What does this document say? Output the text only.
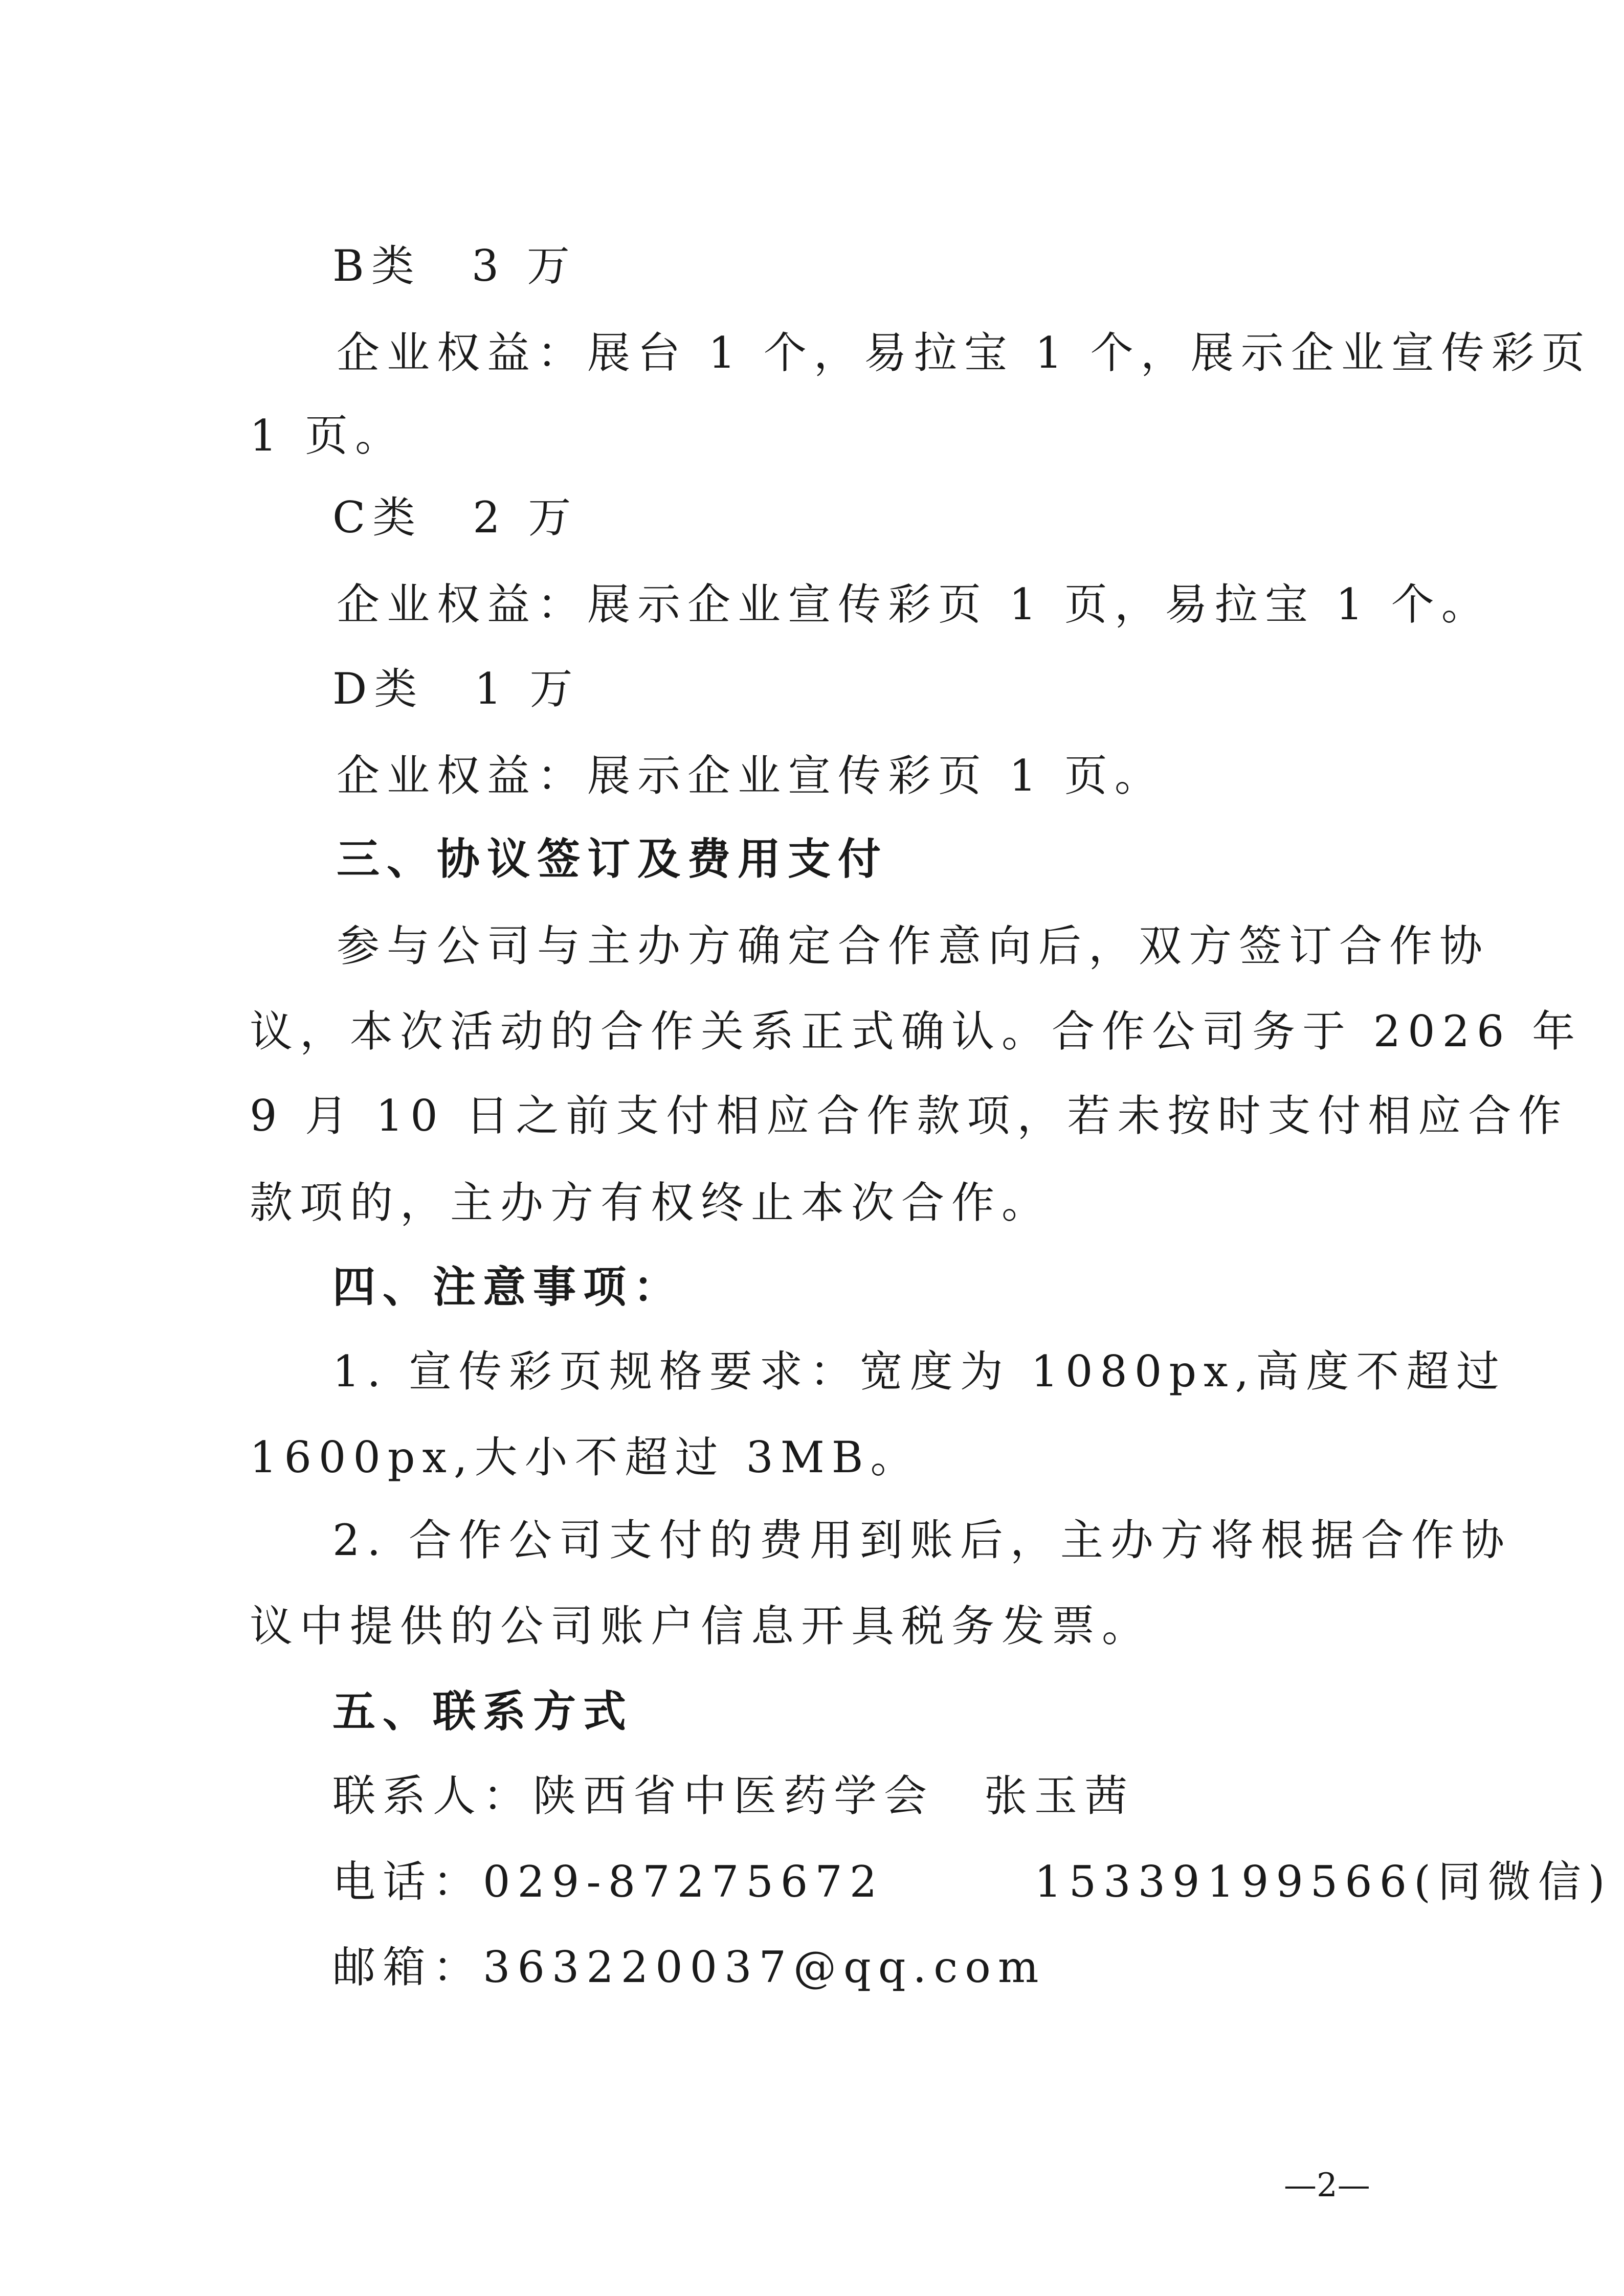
B类　3 万
企业权益：展台 1 个，易拉宝 1 个，展示企业宣传彩页
1 页。
C类　2 万
企业权益：展示企业宣传彩页 1 页，易拉宝 1 个。
D类　1 万
企业权益：展示企业宣传彩页 1 页。
三、协议签订及费用支付
参与公司与主办方确定合作意向后，双方签订合作协
议，本次活动的合作关系正式确认。合作公司务于 2026 年
9 月 10 日之前支付相应合作款项，若未按时支付相应合作
款项的，主办方有权终止本次合作。
四、注意事项：
1. 宣传彩页规格要求：宽度为 1080px,高度不超过
1600px,大小不超过 3MB。
2. 合作公司支付的费用到账后，主办方将根据合作协
议中提供的公司账户信息开具税务发票。
五、联系方式
联系人：陕西省中医药学会　张玉茜
电话：029-87275672　　　15339199566(同微信)
邮箱：363220037@qq.com
—2—
